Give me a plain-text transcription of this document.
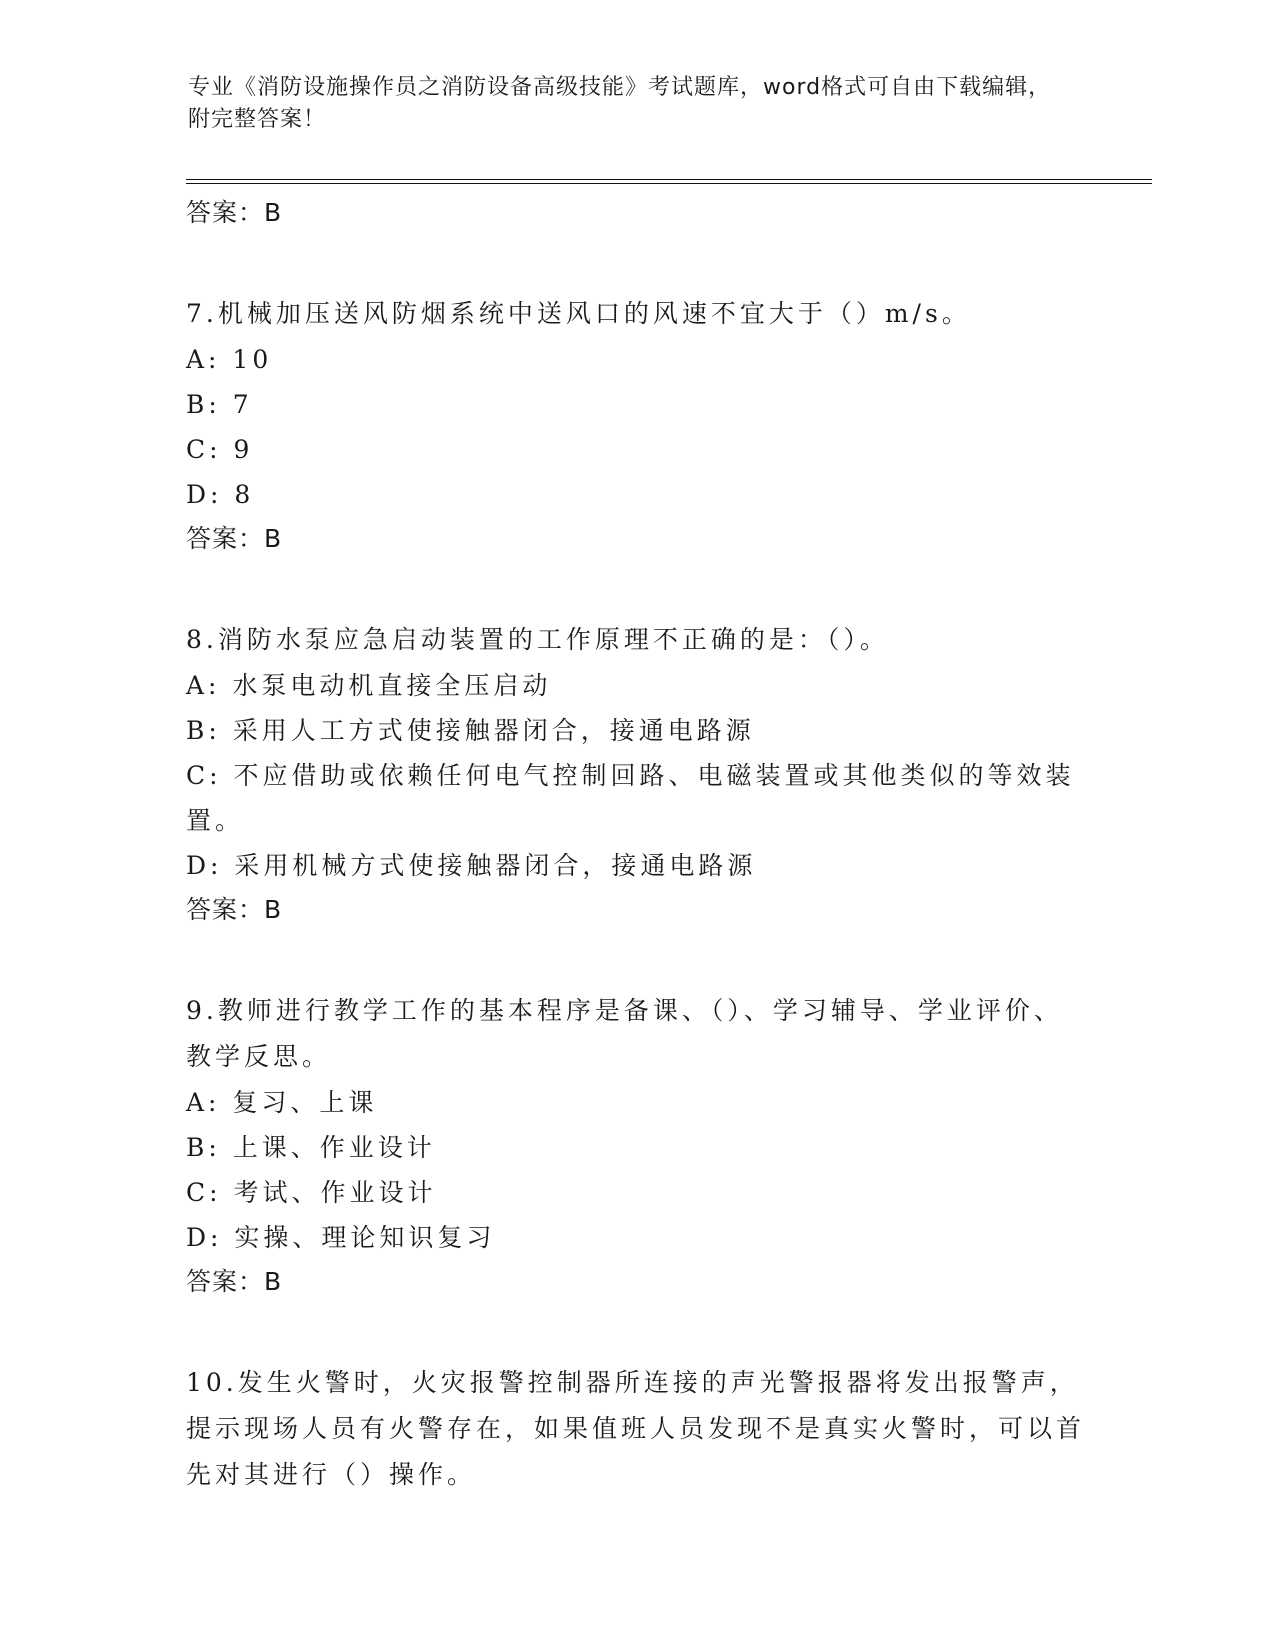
专业《消防设施操作员之消防设备高级技能》考试题库，word格式可自由下载编辑，附完整答案！
答案：B
7.机械加压送风防烟系统中送风口的风速不宜大于（）m/s。
A: 10
B: 7
C: 9
D: 8
答案：B
8.消防水泵应急启动装置的工作原理不正确的是：（）。
A: 水泵电动机直接全压启动
B: 采用人工方式使接触器闭合，接通电路源
C: 不应借助或依赖任何电气控制回路、电磁装置或其他类似的等效装置。
D: 采用机械方式使接触器闭合，接通电路源
答案：B
9.教师进行教学工作的基本程序是备课、（）、学习辅导、学业评价、教学反思。
A: 复习、上课
B: 上课、作业设计
C: 考试、作业设计
D: 实操、理论知识复习
答案：B
10.发生火警时，火灾报警控制器所连接的声光警报器将发出报警声，提示现场人员有火警存在，如果值班人员发现不是真实火警时，可以首先对其进行（）操作。
